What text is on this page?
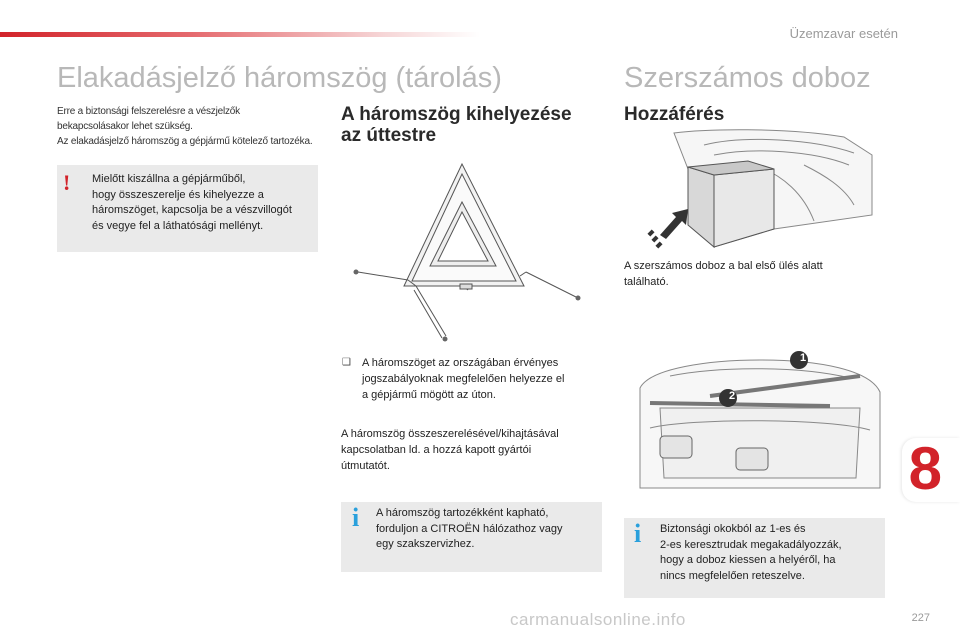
Üzemzavar esetén
8
Elakadásjelző háromszög (tárolás)
Erre a biztonsági felszerelésre a vészjelzők
bekapcsolásakor lehet szükség.
Az elakadásjelző háromszög a gépjármű kötelező tartozéka.
! Mielőtt kiszállna a gépjárműből,
hogy összeszerelje és kihelyezze a
háromszöget, kapcsolja be a vészvillogót
és vegye fel a láthatósági mellényt.
A háromszög kihelyezése
az úttestre
❑ A háromszöget az országában érvényes
jogszabályoknak megfelelően helyezze el
a gépjármű mögött az úton.
A háromszög összeszerelésével/kihajtásával
kapcsolatban ld. a hozzá kapott gyártói
útmutatót.
i A háromszög tartozékként kapható,
forduljon a CITROËN hálózathoz vagy
egy szakszervizhez.
Szerszámos doboz
Hozzáférés
A szerszámos doboz a bal első ülés alatt
található.
1
2
i Biztonsági okokból az 1-es és
2-es keresztrudak megakadályozzák,
hogy a doboz kiessen a helyéről, ha
nincs megfelelően reteszelve.
carmanualsonline.info	227
